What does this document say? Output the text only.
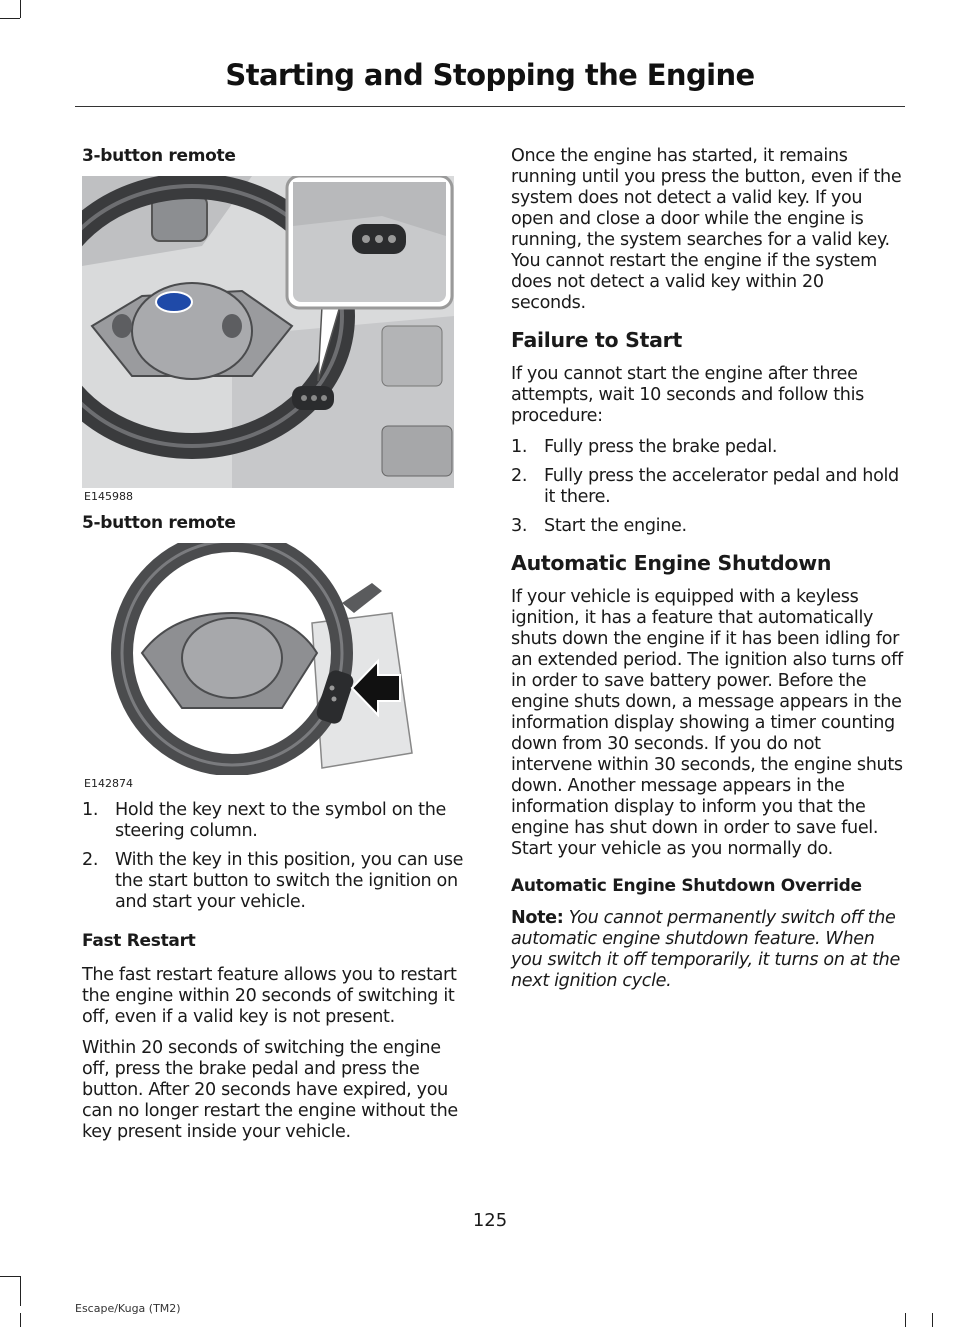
Starting and Stopping the Engine
3-button remote
E145988
5-button remote
E142874
1. Hold the key next to the symbol on the steering column.
2. With the key in this position, you can use the start button to switch the ignition on and start your vehicle.
Fast Restart

The fast restart feature allows you to restart the engine within 20 seconds of switching it off, even if a valid key is not present.

Within 20 seconds of switching the engine off, press the brake pedal and press the button. After 20 seconds have expired, you can no longer restart the engine without the key present inside your vehicle.

Once the engine has started, it remains running until you press the button, even if the system does not detect a valid key. If you open and close a door while the engine is running, the system searches for a valid key. You cannot restart the engine if the system does not detect a valid key within 20 seconds.

Failure to Start

If you cannot start the engine after three attempts, wait 10 seconds and follow this procedure:

1. Fully press the brake pedal.
2. Fully press the accelerator pedal and hold it there.
3. Start the engine.
Automatic Engine Shutdown

If your vehicle is equipped with a keyless ignition, it has a feature that automatically shuts down the engine if it has been idling for an extended period. The ignition also turns off in order to save battery power. Before the engine shuts down, a message appears in the information display showing a timer counting down from 30 seconds. If you do not intervene within 30 seconds, the engine shuts down. Another message appears in the information display to inform you that the engine has shut down in order to save fuel. Start your vehicle as you normally do.

Automatic Engine Shutdown Override

Note: You cannot permanently switch off the automatic engine shutdown feature. When you switch it off temporarily, it turns on at the next ignition cycle.

125
Escape/Kuga (TM2)
